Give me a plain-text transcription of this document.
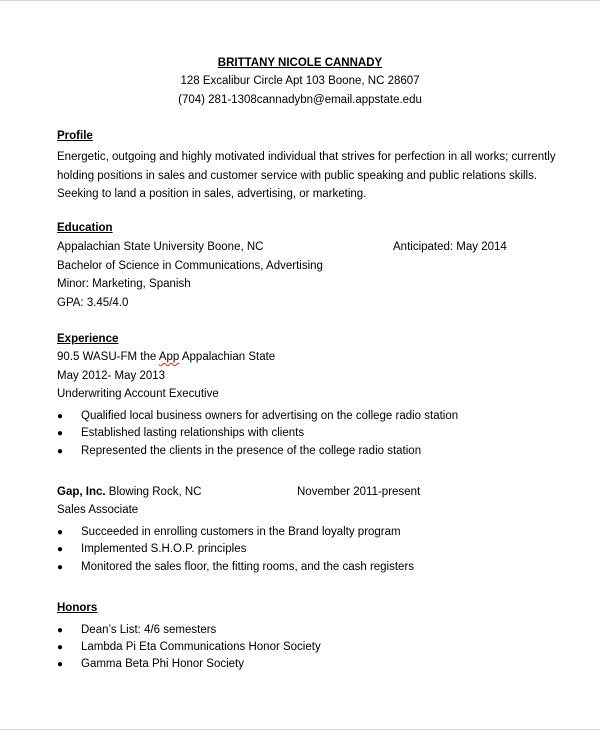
BRITTANY NICOLE CANNADY
128 Excalibur Circle Apt 103 Boone, NC 28607
(704) 281-1308cannadybn@email.appstate.edu
Profile
Energetic, outgoing and highly motivated individual that strives for perfection in all works; currently holding positions in sales and customer service with public speaking and public relations skills. Seeking to land a position in sales, advertising, or marketing.
Education
Appalachian State University Boone, NC	Anticipated: May 2014
Bachelor of Science in Communications, Advertising
Minor: Marketing, Spanish
GPA: 3.45/4.0
Experience
90.5 WASU-FM the App Appalachian State
May 2012- May 2013
Underwriting Account Executive
● Qualified local business owners for advertising on the college radio station
● Established lasting relationships with clients
● Represented the clients in the presence of the college radio station
Gap, Inc. Blowing Rock, NC	November 2011-present
Sales Associate
● Succeeded in enrolling customers in the Brand loyalty program
● Implemented S.H.O.P. principles
● Monitored the sales floor, the fitting rooms, and the cash registers
Honors
● Dean’s List: 4/6 semesters
● Lambda Pi Eta Communications Honor Society
● Gamma Beta Phi Honor Society
